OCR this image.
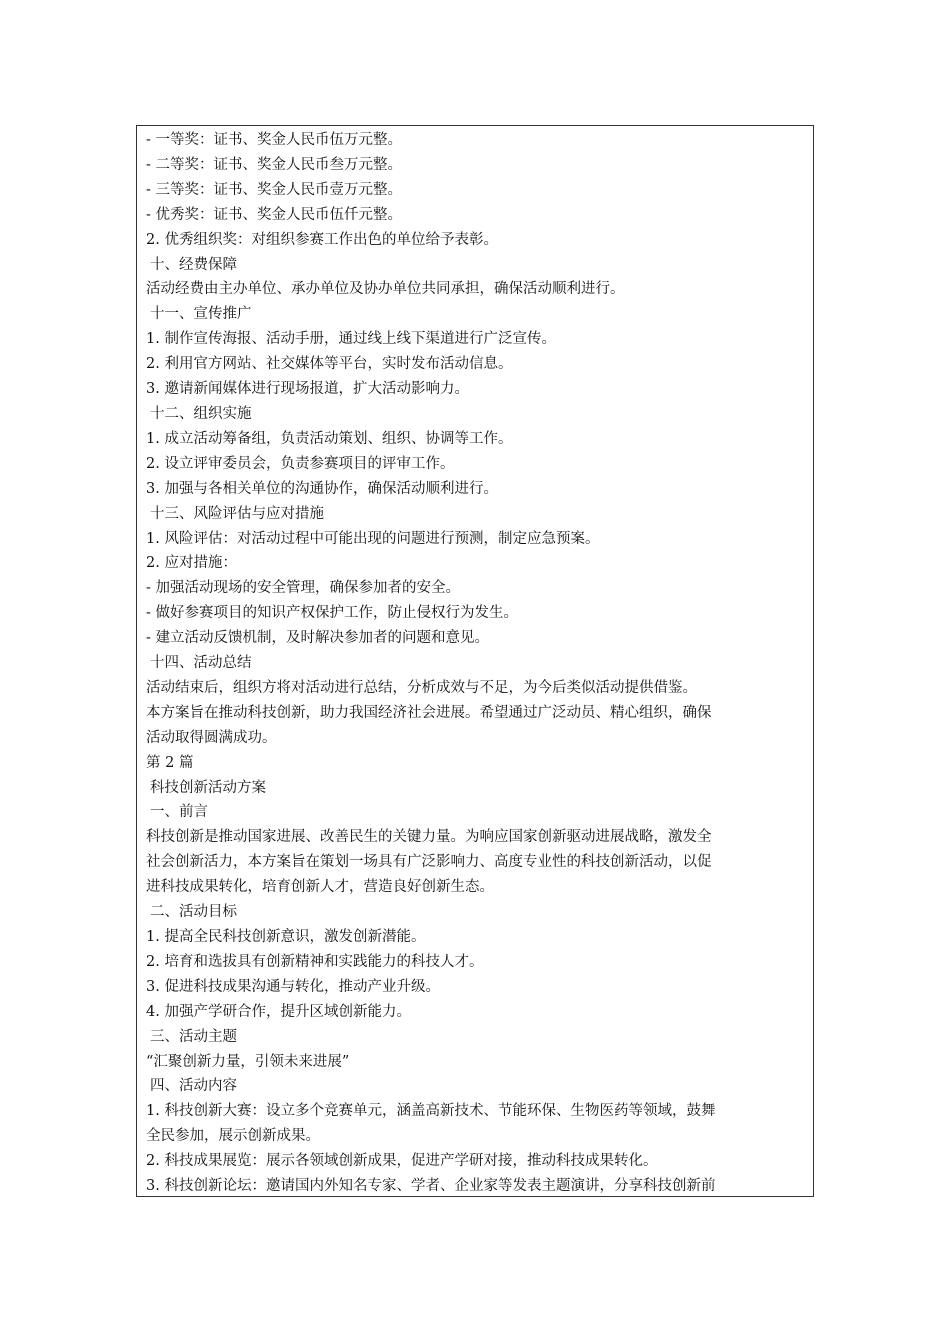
- 一等奖：证书、奖金人民币伍万元整。
- 二等奖：证书、奖金人民币叁万元整。
- 三等奖：证书、奖金人民币壹万元整。
- 优秀奖：证书、奖金人民币伍仟元整。
2. 优秀组织奖：对组织参赛工作出色的单位给予表彰。
十、经费保障
活动经费由主办单位、承办单位及协办单位共同承担，确保活动顺利进行。
十一、宣传推广
1. 制作宣传海报、活动手册，通过线上线下渠道进行广泛宣传。
2. 利用官方网站、社交媒体等平台，实时发布活动信息。
3. 邀请新闻媒体进行现场报道，扩大活动影响力。
十二、组织实施
1. 成立活动筹备组，负责活动策划、组织、协调等工作。
2. 设立评审委员会，负责参赛项目的评审工作。
3. 加强与各相关单位的沟通协作，确保活动顺利进行。
十三、风险评估与应对措施
1. 风险评估：对活动过程中可能出现的问题进行预测，制定应急预案。
2. 应对措施：
- 加强活动现场的安全管理，确保参加者的安全。
- 做好参赛项目的知识产权保护工作，防止侵权行为发生。
- 建立活动反馈机制，及时解决参加者的问题和意见。
十四、活动总结
活动结束后，组织方将对活动进行总结，分析成效与不足，为今后类似活动提供借鉴。
本方案旨在推动科技创新，助力我国经济社会进展。希望通过广泛动员、精心组织，确保
活动取得圆满成功。
第 2 篇
科技创新活动方案
一、前言
科技创新是推动国家进展、改善民生的关键力量。为响应国家创新驱动进展战略，激发全
社会创新活力，本方案旨在策划一场具有广泛影响力、高度专业性的科技创新活动，以促
进科技成果转化，培育创新人才，营造良好创新生态。
二、活动目标
1. 提高全民科技创新意识，激发创新潜能。
2. 培育和选拔具有创新精神和实践能力的科技人才。
3. 促进科技成果沟通与转化，推动产业升级。
4. 加强产学研合作，提升区域创新能力。
三、活动主题
“汇聚创新力量，引领未来进展”
四、活动内容
1. 科技创新大赛：设立多个竞赛单元，涵盖高新技术、节能环保、生物医药等领域，鼓舞
全民参加，展示创新成果。
2. 科技成果展览：展示各领域创新成果，促进产学研对接，推动科技成果转化。
3. 科技创新论坛：邀请国内外知名专家、学者、企业家等发表主题演讲，分享科技创新前
